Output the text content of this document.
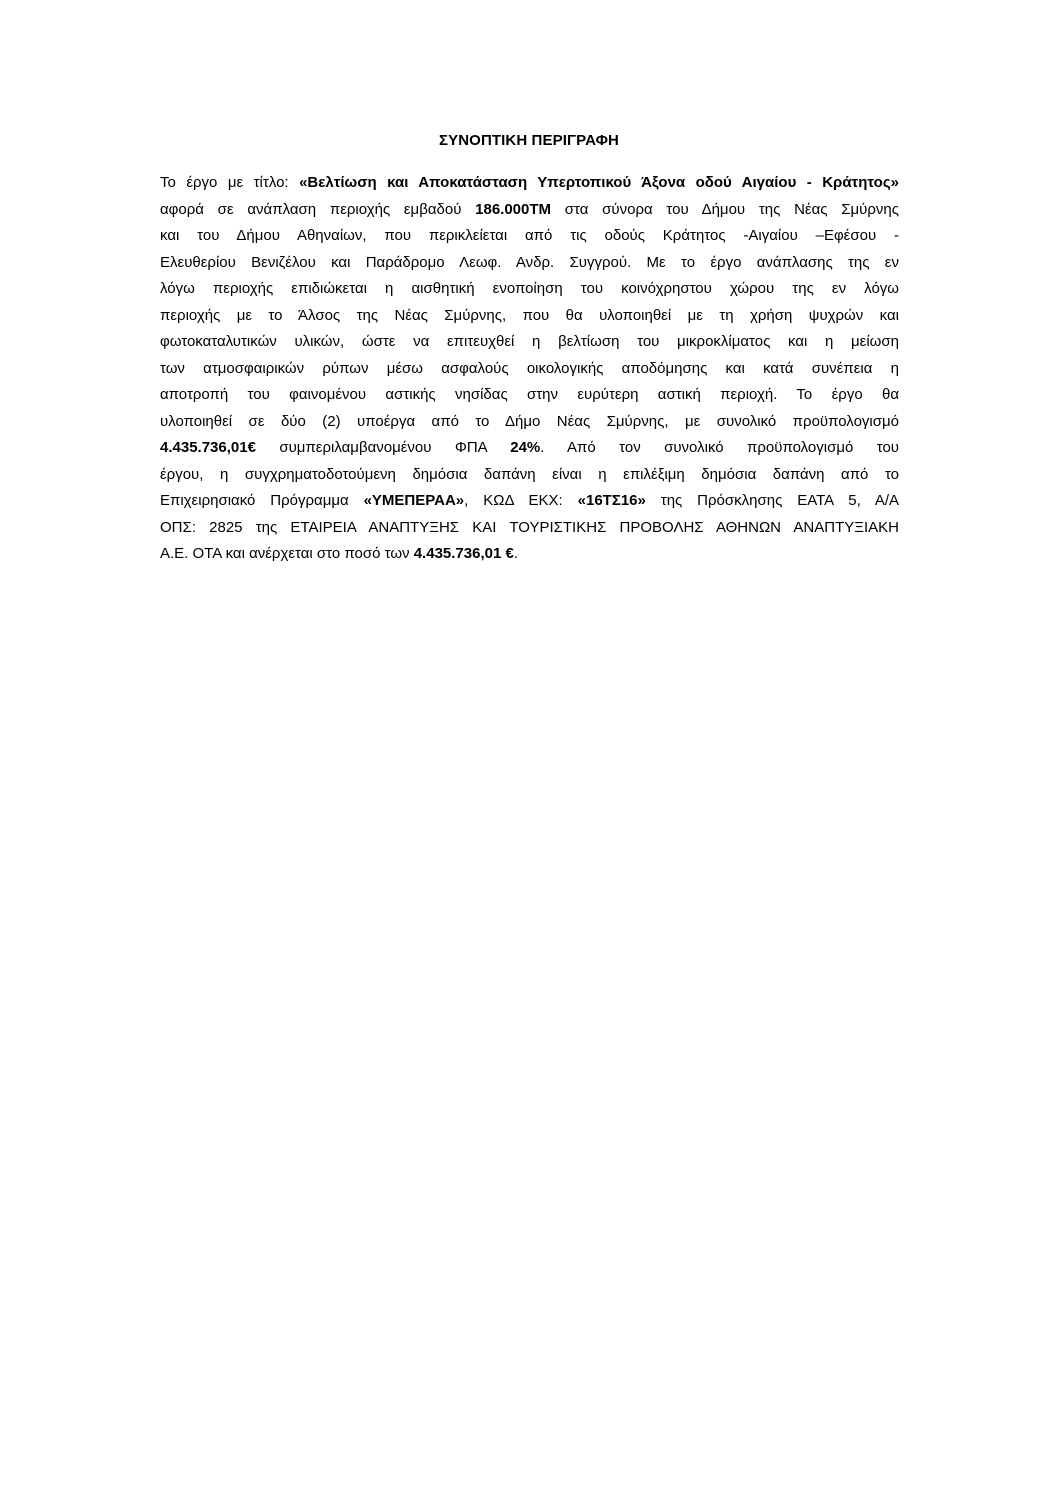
ΣΥΝΟΠΤΙΚΗ ΠΕΡΙΓΡΑΦΗ
Το έργο με τίτλο: «Βελτίωση και Αποκατάσταση Υπερτοπικού Άξονα οδού Αιγαίου - Κράτητος»
αφορά σε ανάπλαση περιοχής εμβαδού 186.000ΤΜ στα σύνορα του Δήμου της Νέας Σμύρνης
και του Δήμου Αθηναίων, που περικλείεται από τις οδούς Κράτητος -Αιγαίου –Εφέσου -
Ελευθερίου Βενιζέλου και Παράδρομο Λεωφ. Ανδρ. Συγγρού. Με το έργο ανάπλασης της εν
λόγω περιοχής επιδιώκεται η αισθητική ενοποίηση του κοινόχρηστου χώρου της εν λόγω
περιοχής με το Άλσος της Νέας Σμύρνης, που θα υλοποιηθεί με τη χρήση ψυχρών και
φωτοκαταλυτικών υλικών, ώστε να επιτευχθεί η βελτίωση του μικροκλίματος και η μείωση
των ατμοσφαιρικών ρύπων μέσω ασφαλούς οικολογικής αποδόμησης και κατά συνέπεια η
αποτροπή του φαινομένου αστικής νησίδας στην ευρύτερη αστική περιοχή. Το έργο θα
υλοποιηθεί σε δύο (2) υποέργα από το Δήμο Νέας Σμύρνης, με συνολικό προϋπολογισμό
4.435.736,01€ συμπεριλαμβανομένου ΦΠΑ 24%. Από τον συνολικό προϋπολογισμό του
έργου, η συγχρηματοδοτούμενη δημόσια δαπάνη είναι η επιλέξιμη δημόσια δαπάνη από το
Επιχειρησιακό Πρόγραμμα «ΥΜΕΠΕΡΑΑ», ΚΩΔ ΕΚΧ: «16ΤΣ16» της Πρόσκλησης ΕΑΤΑ 5, Α/Α
ΟΠΣ: 2825 της ΕΤΑΙΡΕΙΑ ΑΝΑΠΤΥΞΗΣ ΚΑΙ ΤΟΥΡΙΣΤΙΚΗΣ ΠΡΟΒΟΛΗΣ ΑΘΗΝΩΝ ΑΝΑΠΤΥΞΙΑΚΗ
Α.Ε. ΟΤΑ και ανέρχεται στο ποσό των 4.435.736,01 €.
